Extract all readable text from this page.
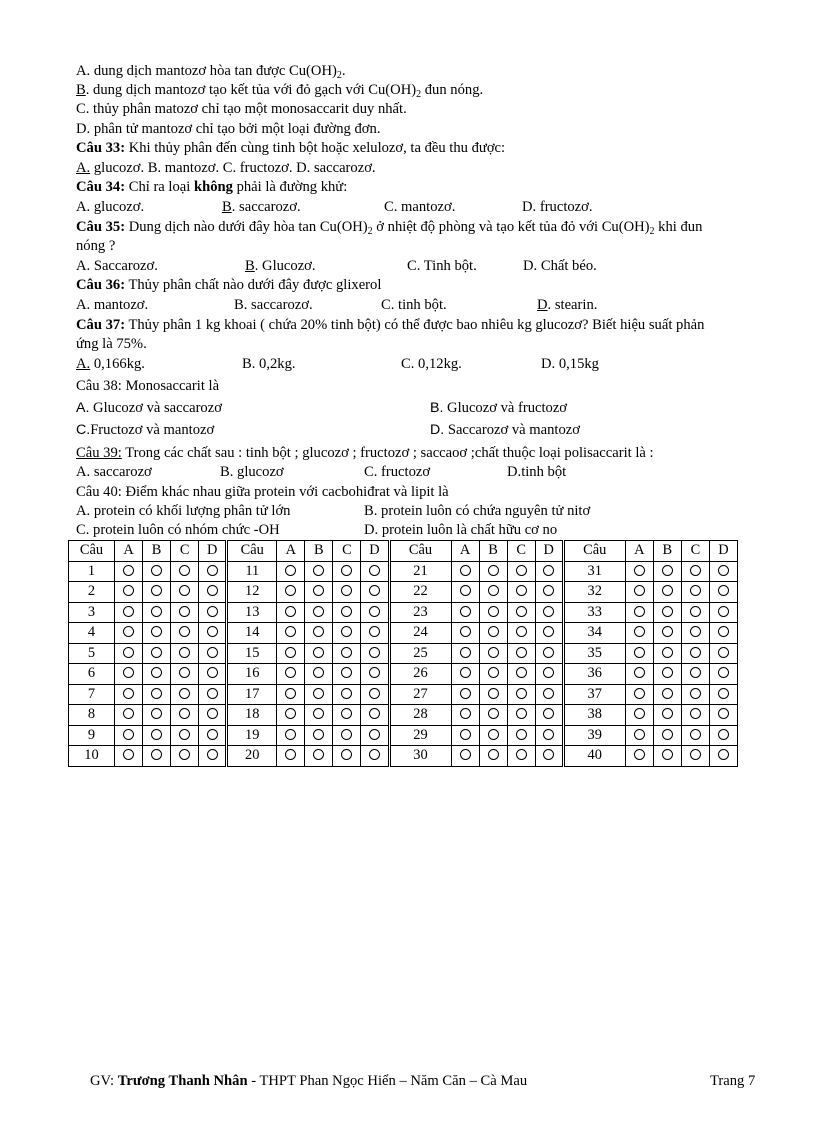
A. dung dịch mantozơ hòa tan được $Cu(OH)_2$.
B. dung dịch mantozơ tạo kết tủa với đỏ gạch với $Cu(OH)_2$ đun nóng.
C. thủy phân matozơ chỉ tạo một monosaccarit duy nhất.
D. phân tử mantozơ chỉ tạo bởi một loại đường đơn.
Câu 33: Khi thủy phân đến cùng tinh bột hoặc xelulozơ, ta đều thu được:
A. glucozơ. B. mantozơ. C. fructozơ. D. saccarozơ.
Câu 34: Chỉ ra loại không phải là đường khử:
A. glucozơ.	B. saccarozơ.	C. mantozơ.	D. fructozơ.
Câu 35: Dung dịch nào dưới đây hòa $\tan Cu(OH)_2$ ở nhiệt độ phòng và tạo kết tủa đỏ với $Cu(OH)_2$ khi đun
nóng ?
A. Saccarozơ.	B. Glucozơ.	C. Tinh bột.	D. Chất béo.
Câu 36: Thủy phân chất nào dưới đây được glixerol
A. mantozơ.	B. saccarozơ.	C. tinh bột.	D. stearin.
Câu 37: Thủy phân 1 kg khoai ( chứa 20% tinh bột) có thể được bao nhiêu kg glucozơ? Biết hiệu suất phản
ứng là 75%.
A. 0,166kg.	B. 0,2kg.	C. 0,12kg.	D. 0,15kg
Câu 38: Monosaccarit là
A. Glucozơ và saccarozơ	B. Glucozơ và fructozơ
C.Fructozơ và mantozơ	D. Saccarozơ và mantozơ
Câu 39: Trong các chất sau : tinh bột ; glucozơ ; fructozơ ; saccaoơ ;chất thuộc loại polisaccarit là :
A. saccarozơ	B. glucozơ	C. fructozơ	D.tinh bột
Câu 40: Điểm khác nhau giữa protein với cacbohiđrat và lipit là
A. protein có khối lượng phân tử lớn	B. protein luôn có chứa nguyên tử nitơ
C. protein luôn có nhóm chức -OH	D. protein luôn là chất hữu cơ no
Câu	A	B	C	D	Câu	A	B	C	D	Câu	A	B	C	D	Câu	A	B	C	D
1					11					21					31				
2					12					22					32				
3					13					23					33				
4					14					24					34				
5					15					25					35				
6					16					26					36				
7					17					27					37				
8					18					28					38				
9					19					29					39				
10					20					30					40				
GV: Trương Thanh Nhân - THPT Phan Ngọc Hiển – Năm Căn – Cà Mau	Trang 7
